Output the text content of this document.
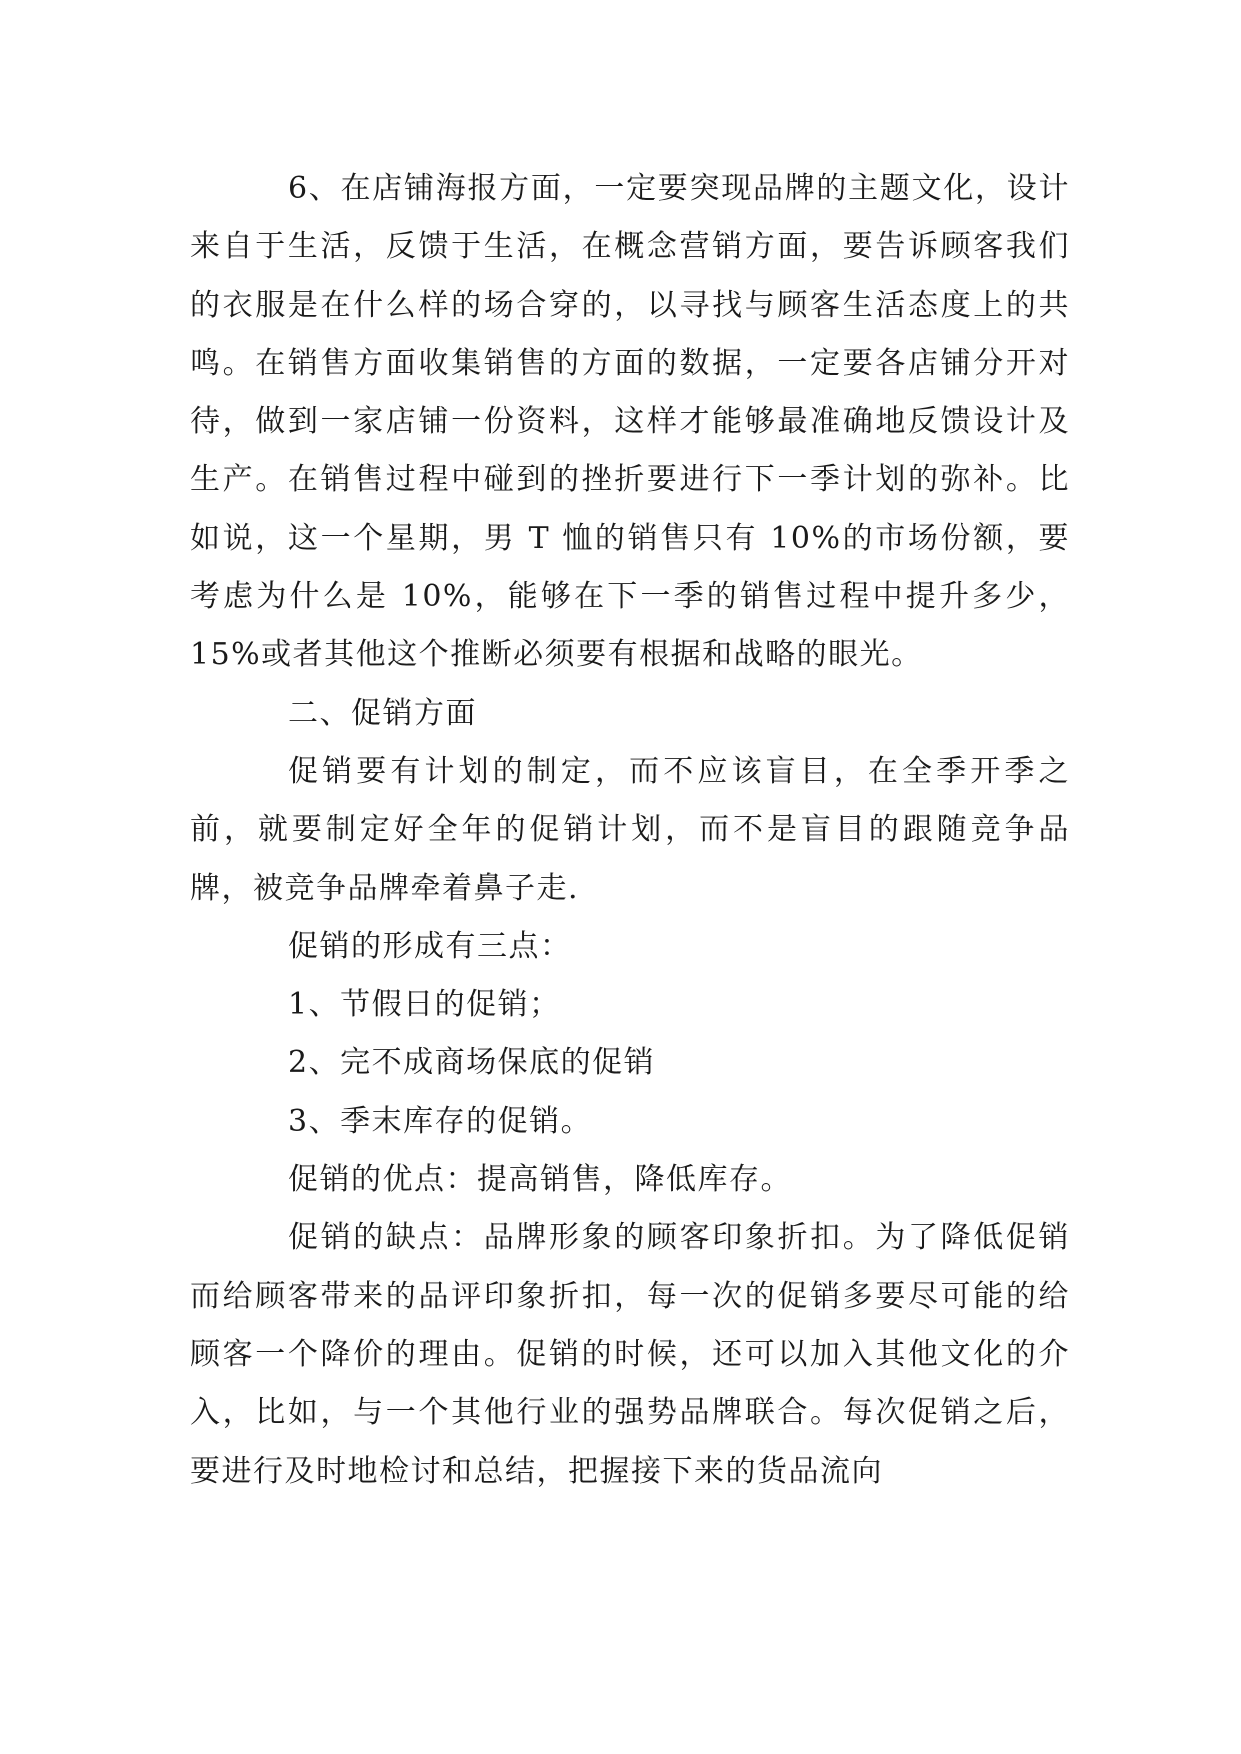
6、在店铺海报方面，一定要突现品牌的主题文化，设计来自于生活，反馈于生活，在概念营销方面，要告诉顾客我们的衣服是在什么样的场合穿的，以寻找与顾客生活态度上的共鸣。在销售方面收集销售的方面的数据，一定要各店铺分开对待，做到一家店铺一份资料，这样才能够最准确地反馈设计及生产。在销售过程中碰到的挫折要进行下一季计划的弥补。比如说，这一个星期，男 T 恤的销售只有 10%的市场份额，要考虑为什么是 10%，能够在下一季的销售过程中提升多少，15%或者其他这个推断必须要有根据和战略的眼光。

二、促销方面

促销要有计划的制定，而不应该盲目，在全季开季之前，就要制定好全年的促销计划，而不是盲目的跟随竞争品牌，被竞争品牌牵着鼻子走.

促销的形成有三点：

1、节假日的促销；

2、完不成商场保底的促销

3、季末库存的促销。

促销的优点：提高销售，降低库存。

促销的缺点：品牌形象的顾客印象折扣。为了降低促销而给顾客带来的品评印象折扣，每一次的促销多要尽可能的给顾客一个降价的理由。促销的时候，还可以加入其他文化的介入，比如，与一个其他行业的强势品牌联合。每次促销之后，要进行及时地检讨和总结，把握接下来的货品流向
